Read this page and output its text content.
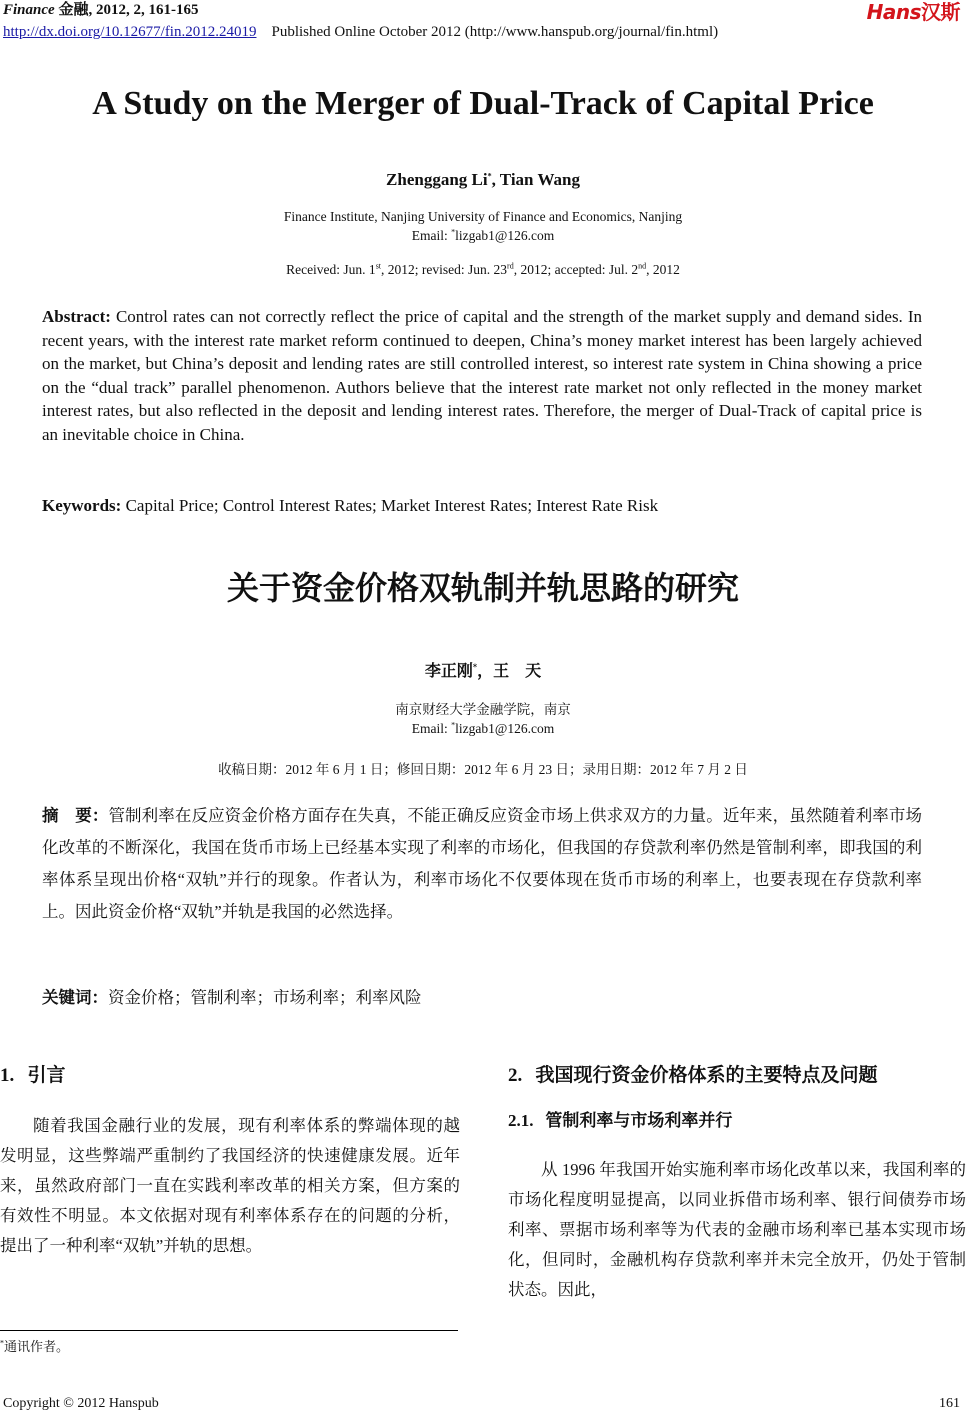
Finance 金融, 2012, 2, 161-165
http://dx.doi.org/10.12677/fin.2012.24019 Published Online October 2012 (http://www.hanspub.org/journal/fin.html)
Hans汉斯
A Study on the Merger of Dual-Track of Capital Price
Zhenggang Li*, Tian Wang
Finance Institute, Nanjing University of Finance and Economics, Nanjing
Email: *lizgab1@126.com
Received: Jun. 1st, 2012; revised: Jun. 23rd, 2012; accepted: Jul. 2nd, 2012
Abstract: Control rates can not correctly reflect the price of capital and the strength of the market supply and demand sides. In recent years, with the interest rate market reform continued to deepen, China’s money market interest has been largely achieved on the market, but China’s deposit and lending rates are still controlled interest, so interest rate system in China showing a price on the “dual track” parallel phenomenon. Authors believe that the interest rate market not only reflected in the money market interest rates, but also reflected in the deposit and lending interest rates. Therefore, the merger of Dual-Track of capital price is an inevitable choice in China.
Keywords: Capital Price; Control Interest Rates; Market Interest Rates; Interest Rate Risk
关于资金价格双轨制并轨思路的研究
李正刚*，王　天
南京财经大学金融学院，南京
Email: *lizgab1@126.com
收稿日期：2012 年 6 月 1 日；修回日期：2012 年 6 月 23 日；录用日期：2012 年 7 月 2 日
摘　要：管制利率在反应资金价格方面存在失真，不能正确反应资金市场上供求双方的力量。近年来，虽然随着利率市场化改革的不断深化，我国在货币市场上已经基本实现了利率的市场化，但我国的存贷款利率仍然是管制利率，即我国的利率体系呈现出价格“双轨”并行的现象。作者认为，利率市场化不仅要体现在货币市场的利率上，也要表现在存贷款利率上。因此资金价格“双轨”并轨是我国的必然选择。
关键词：资金价格；管制利率；市场利率；利率风险
1. 引言

随着我国金融行业的发展，现有利率体系的弊端体现的越发明显，这些弊端严重制约了我国经济的快速健康发展。近年来，虽然政府部门一直在实践利率改革的相关方案，但方案的有效性不明显。本文依据对现有利率体系存在的问题的分析，提出了一种利率“双轨”并轨的思想。

2. 我国现行资金价格体系的主要特点及问题
2.1. 管制利率与市场利率并行

从 1996 年我国开始实施利率市场化改革以来，我国利率的市场化程度明显提高，以同业拆借市场利率、银行间债券市场利率、票据市场利率等为代表的金融市场利率已基本实现市场化，但同时，金融机构存贷款利率并未完全放开，仍处于管制状态。因此，

*通讯作者。
Copyright © 2012 Hanspub	161
